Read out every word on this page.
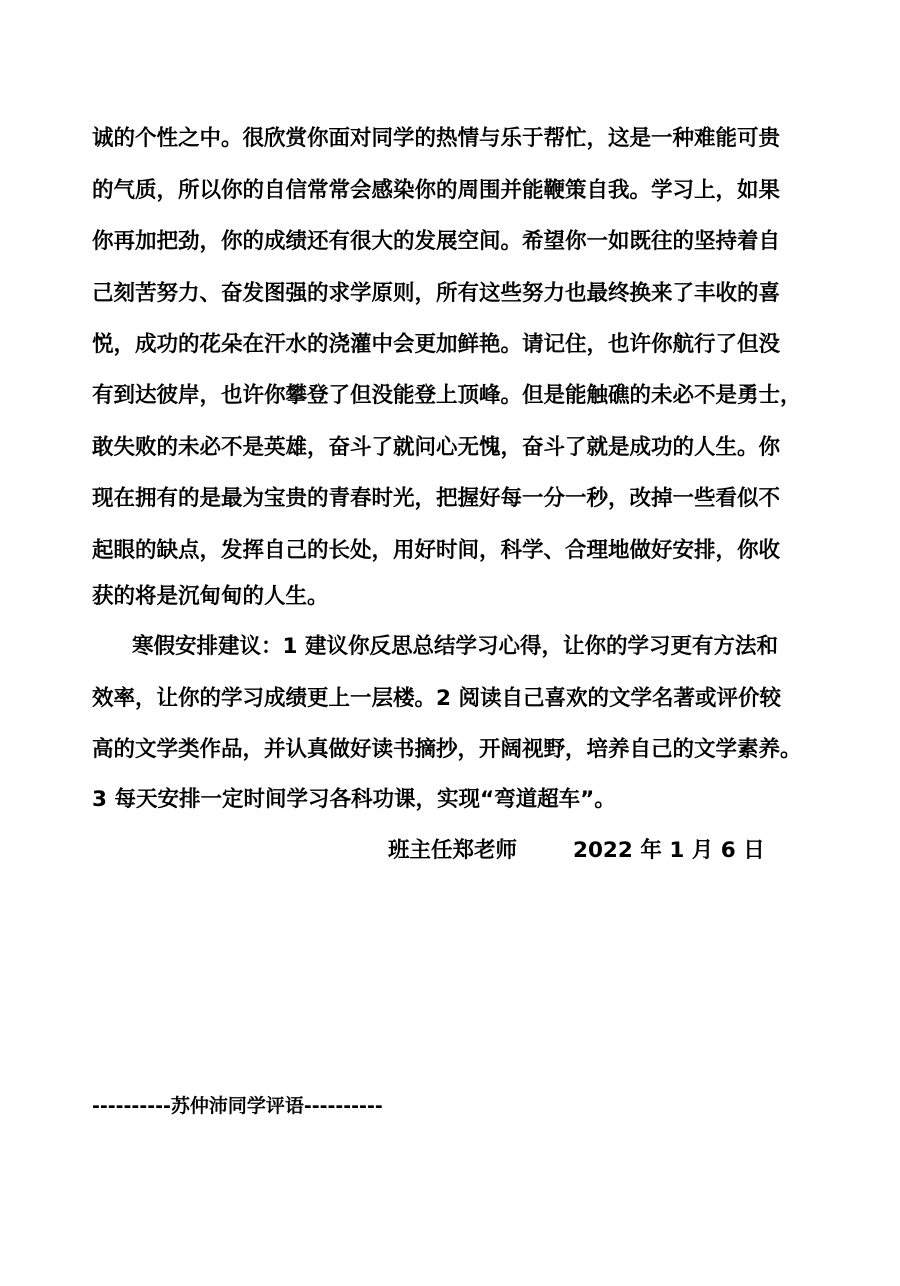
诚的个性之中。很欣赏你面对同学的热情与乐于帮忙，这是一种难能可贵
的气质，所以你的自信常常会感染你的周围并能鞭策自我。学习上，如果
你再加把劲，你的成绩还有很大的发展空间。希望你一如既往的坚持着自
己刻苦努力、奋发图强的求学原则，所有这些努力也最终换来了丰收的喜
悦，成功的花朵在汗水的浇灌中会更加鲜艳。请记住，也许你航行了但没
有到达彼岸，也许你攀登了但没能登上顶峰。但是能触礁的未必不是勇士，
敢失败的未必不是英雄，奋斗了就问心无愧，奋斗了就是成功的人生。你
现在拥有的是最为宝贵的青春时光，把握好每一分一秒，改掉一些看似不
起眼的缺点，发挥自己的长处，用好时间，科学、合理地做好安排，你收
获的将是沉甸甸的人生。
寒假安排建议：1 建议你反思总结学习心得，让你的学习更有方法和
效率，让你的学习成绩更上一层楼。2 阅读自己喜欢的文学名著或评价较
高的文学类作品，并认真做好读书摘抄，开阔视野，培养自己的文学素养。
3 每天安排一定时间学习各科功课，实现“弯道超车”。
班主任郑老师	2022 年 1 月 6 日
----------苏仲沛同学评语----------
